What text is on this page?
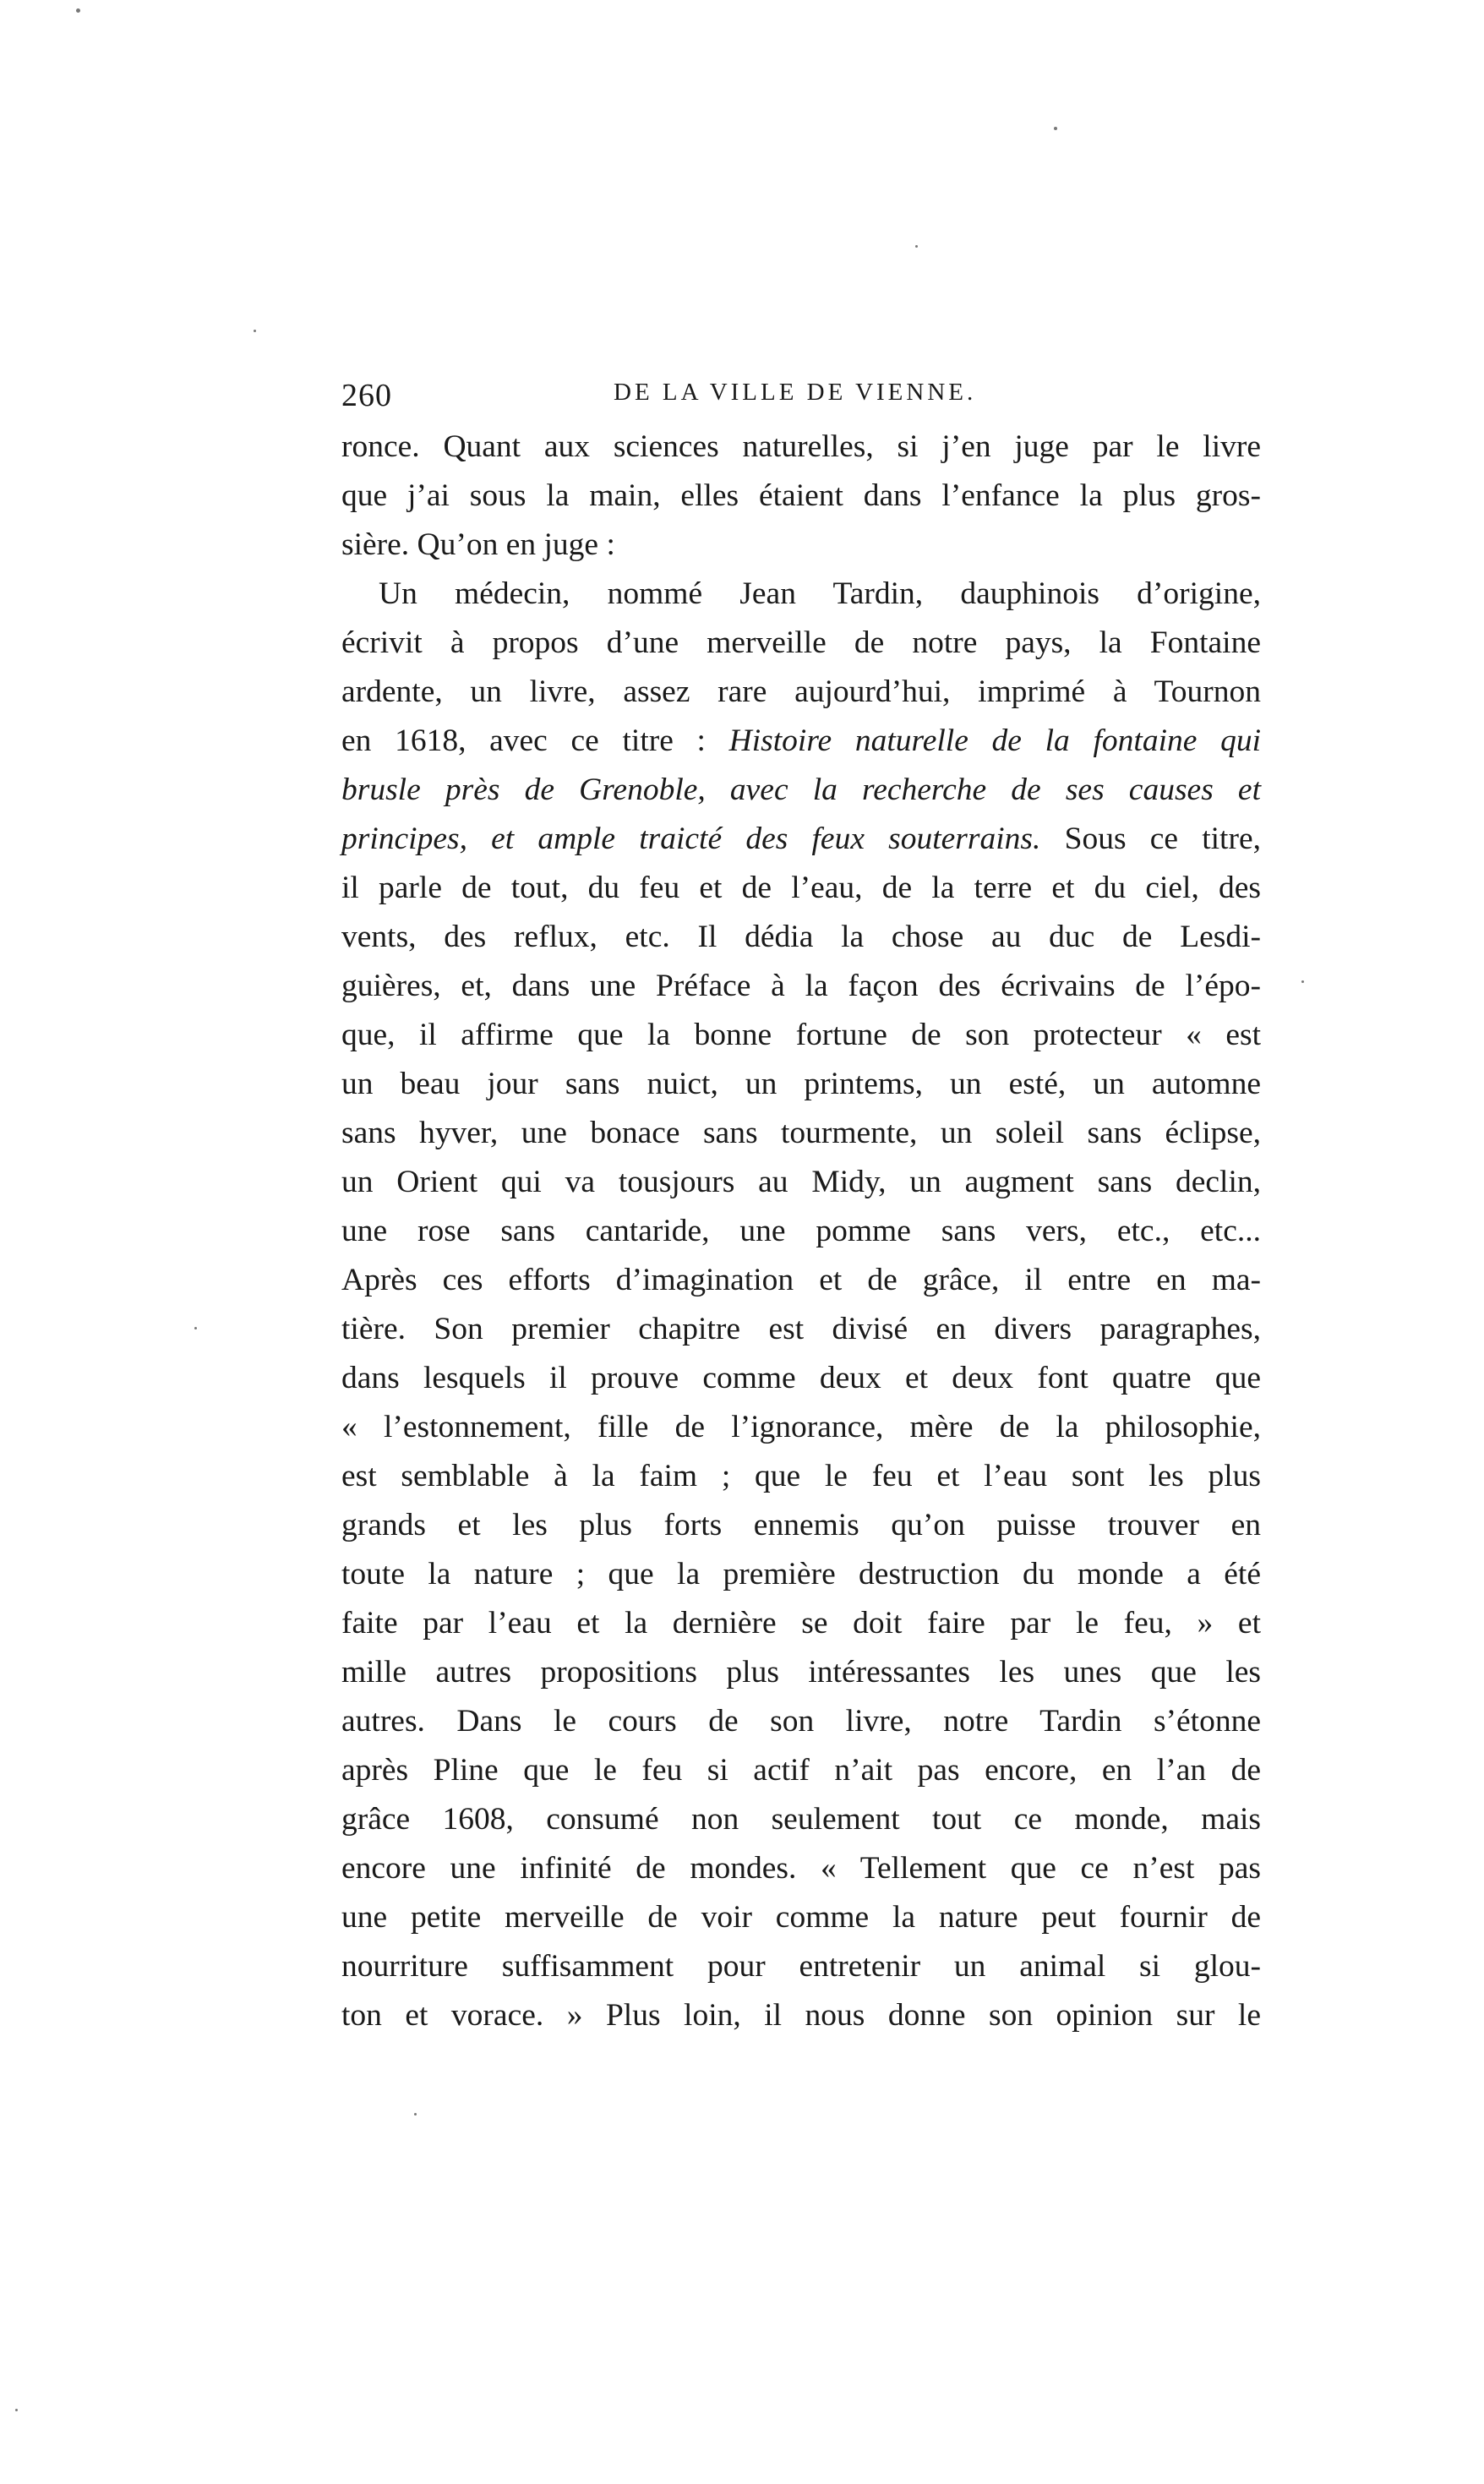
260	DE LA VILLE DE VIENNE.
ronce. Quant aux sciences naturelles, si j’en juge par le livre
que j’ai sous la main, elles étaient dans l’enfance la plus gros-
sière. Qu’on en juge :
Un médecin, nommé Jean Tardin, dauphinois d’origine,
écrivit à propos d’une merveille de notre pays, la Fontaine
ardente, un livre, assez rare aujourd’hui, imprimé à Tournon
en 1618, avec ce titre : Histoire naturelle de la fontaine qui
brusle près de Grenoble, avec la recherche de ses causes et
principes, et ample traicté des feux souterrains. Sous ce titre,
il parle de tout, du feu et de l’eau, de la terre et du ciel, des
vents, des reflux, etc. Il dédia la chose au duc de Lesdi-
guières, et, dans une Préface à la façon des écrivains de l’épo-
que, il affirme que la bonne fortune de son protecteur « est
un beau jour sans nuict, un printems, un esté, un automne
sans hyver, une bonace sans tourmente, un soleil sans éclipse,
un Orient qui va tousjours au Midy, un augment sans declin,
une rose sans cantaride, une pomme sans vers, etc., etc...
Après ces efforts d’imagination et de grâce, il entre en ma-
tière. Son premier chapitre est divisé en divers paragraphes,
dans lesquels il prouve comme deux et deux font quatre que
« l’estonnement, fille de l’ignorance, mère de la philosophie,
est semblable à la faim ; que le feu et l’eau sont les plus
grands et les plus forts ennemis qu’on puisse trouver en
toute la nature ; que la première destruction du monde a été
faite par l’eau et la dernière se doit faire par le feu, » et
mille autres propositions plus intéressantes les unes que les
autres. Dans le cours de son livre, notre Tardin s’étonne
après Pline que le feu si actif n’ait pas encore, en l’an de
grâce 1608, consumé non seulement tout ce monde, mais
encore une infinité de mondes. « Tellement que ce n’est pas
une petite merveille de voir comme la nature peut fournir de
nourriture suffisamment pour entretenir un animal si glou-
ton et vorace. » Plus loin, il nous donne son opinion sur le
